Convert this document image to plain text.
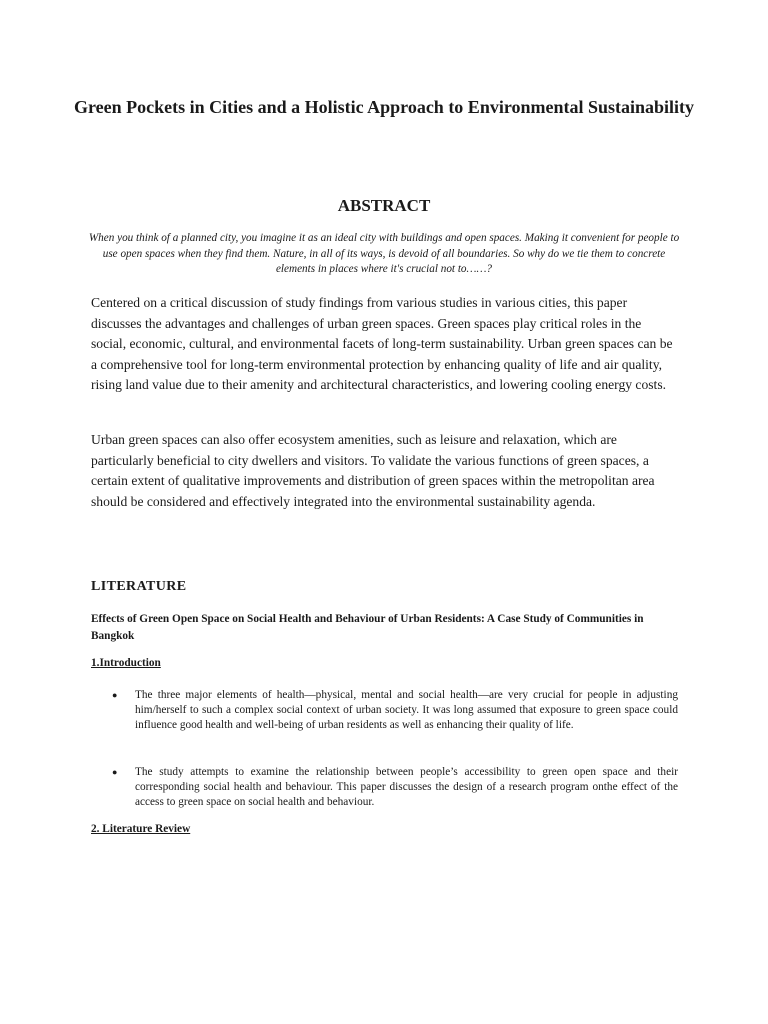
Green Pockets in Cities and a Holistic Approach to Environmental Sustainability
ABSTRACT
When you think of a planned city, you imagine it as an ideal city with buildings and open spaces. Making it convenient for people to use open spaces when they find them. Nature, in all of its ways, is devoid of all boundaries. So why do we tie them to concrete elements in places where it's crucial not to……?
Centered on a critical discussion of study findings from various studies in various cities, this paper discusses the advantages and challenges of urban green spaces. Green spaces play critical roles in the social, economic, cultural, and environmental facets of long-term sustainability. Urban green spaces can be a comprehensive tool for long-term environmental protection by enhancing quality of life and air quality, rising land value due to their amenity and architectural characteristics, and lowering cooling energy costs.
Urban green spaces can also offer ecosystem amenities, such as leisure and relaxation, which are particularly beneficial to city dwellers and visitors. To validate the various functions of green spaces, a certain extent of qualitative improvements and distribution of green spaces within the metropolitan area should be considered and effectively integrated into the environmental sustainability agenda.
LITERATURE
Effects of Green Open Space on Social Health and Behaviour of Urban Residents: A Case Study of Communities in Bangkok
1.Introduction
●	The three major elements of health—physical, mental and social health—are very crucial for people in adjusting him/herself to such a complex social context of urban society. It was long assumed that exposure to green space could influence good health and well-being of urban residents as well as enhancing their quality of life.
●	The study attempts to examine the relationship between people’s accessibility to green open space and their corresponding social health and behaviour. This paper discusses the design of a research program onthe effect of the access to green space on social health and behaviour.
2. Literature Review
